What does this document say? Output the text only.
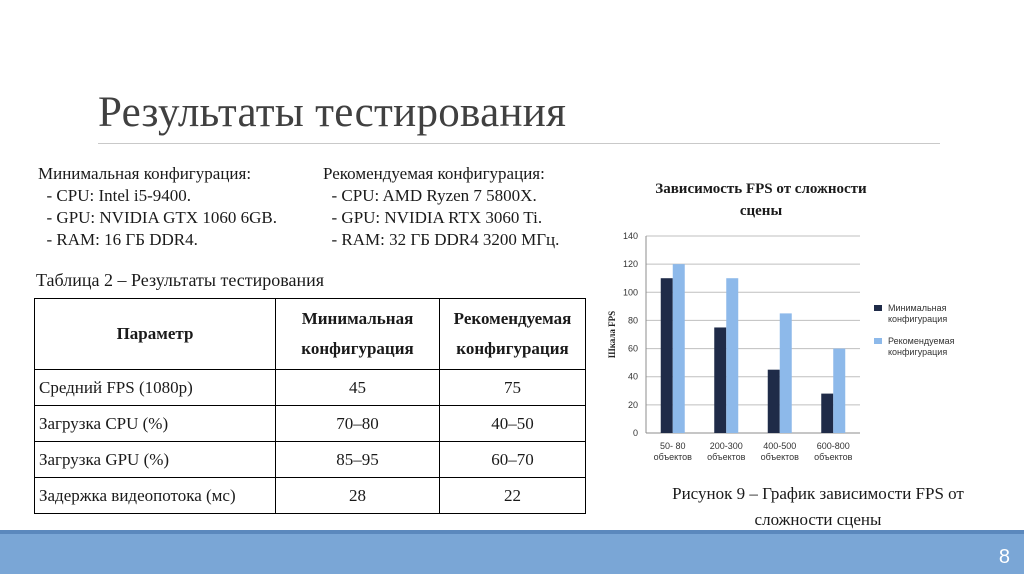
Результаты тестирования
Минимальная конфигурация:
- CPU: Intel i5-9400.
- GPU: NVIDIA GTX 1060 6GB.
- RAM: 16 ГБ DDR4.
Рекомендуемая конфигурация:
- CPU: AMD Ryzen 7 5800X.
- GPU: NVIDIA RTX 3060 Ti.
- RAM: 32 ГБ DDR4 3200 МГц.
Таблица 2 – Результаты тестирования
Параметр	Минимальная конфигурация	Рекомендуемая конфигурация
Средний FPS (1080p)	45	75
Загрузка CPU (%)	70–80	40–50
Загрузка GPU (%)	85–95	60–70
Задержка видеопотока (мс)	28	22
Зависимость FPS от сложности сцены
0
20
40
60
80
100
120
140
Шкала FPS
50- 80
объектов
200-300
объектов
400-500
объектов
600-800
объектов
Минимальная
конфигурация
Рекомендуемая
конфигурация
Рисунок 9 – График зависимости FPS от сложности сцены
8
